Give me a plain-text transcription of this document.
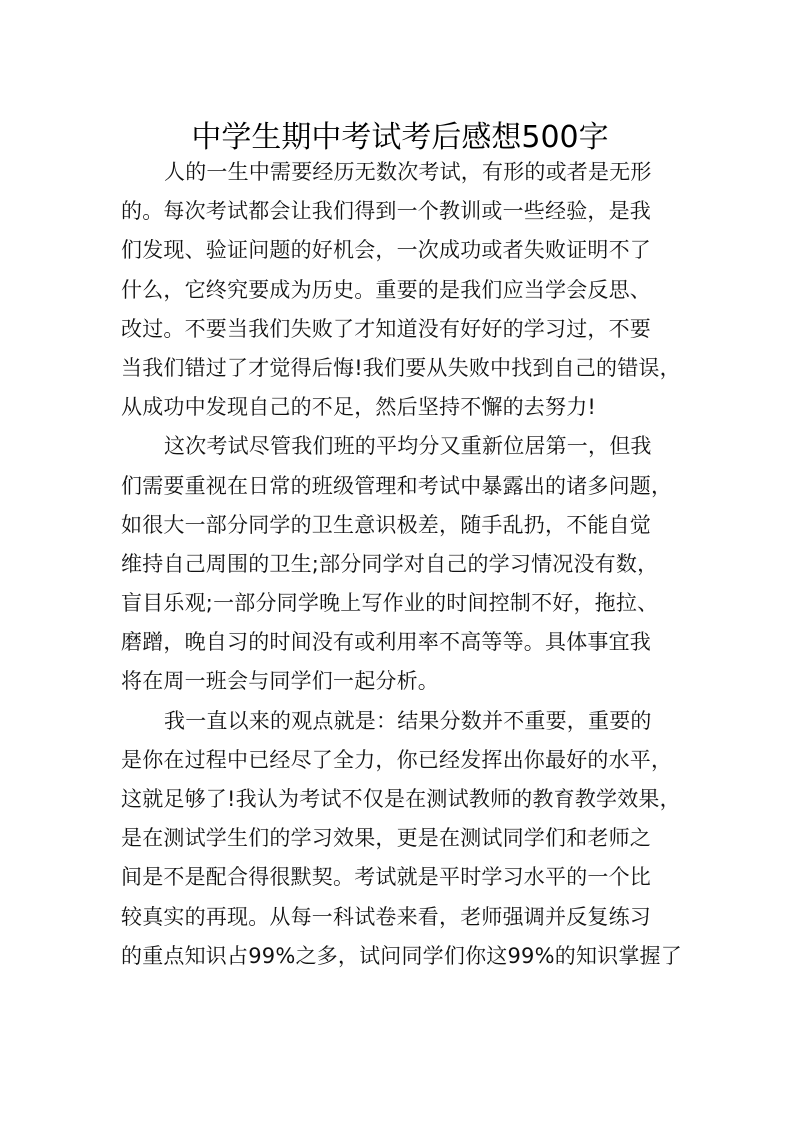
中学生期中考试考后感想500字
人的一生中需要经历无数次考试，有形的或者是无形
的。每次考试都会让我们得到一个教训或一些经验，是我
们发现、验证问题的好机会，一次成功或者失败证明不了
什么，它终究要成为历史。重要的是我们应当学会反思、
改过。不要当我们失败了才知道没有好好的学习过，不要
当我们错过了才觉得后悔!我们要从失败中找到自己的错误，
从成功中发现自己的不足，然后坚持不懈的去努力!
这次考试尽管我们班的平均分又重新位居第一，但我
们需要重视在日常的班级管理和考试中暴露出的诸多问题，
如很大一部分同学的卫生意识极差，随手乱扔，不能自觉
维持自己周围的卫生;部分同学对自己的学习情况没有数，
盲目乐观;一部分同学晚上写作业的时间控制不好，拖拉、
磨蹭，晚自习的时间没有或利用率不高等等。具体事宜我
将在周一班会与同学们一起分析。
我一直以来的观点就是：结果分数并不重要，重要的
是你在过程中已经尽了全力，你已经发挥出你最好的水平，
这就足够了!我认为考试不仅是在测试教师的教育教学效果，
是在测试学生们的学习效果，更是在测试同学们和老师之
间是不是配合得很默契。考试就是平时学习水平的一个比
较真实的再现。从每一科试卷来看，老师强调并反复练习
的重点知识占99%之多，试问同学们你这99%的知识掌握了
